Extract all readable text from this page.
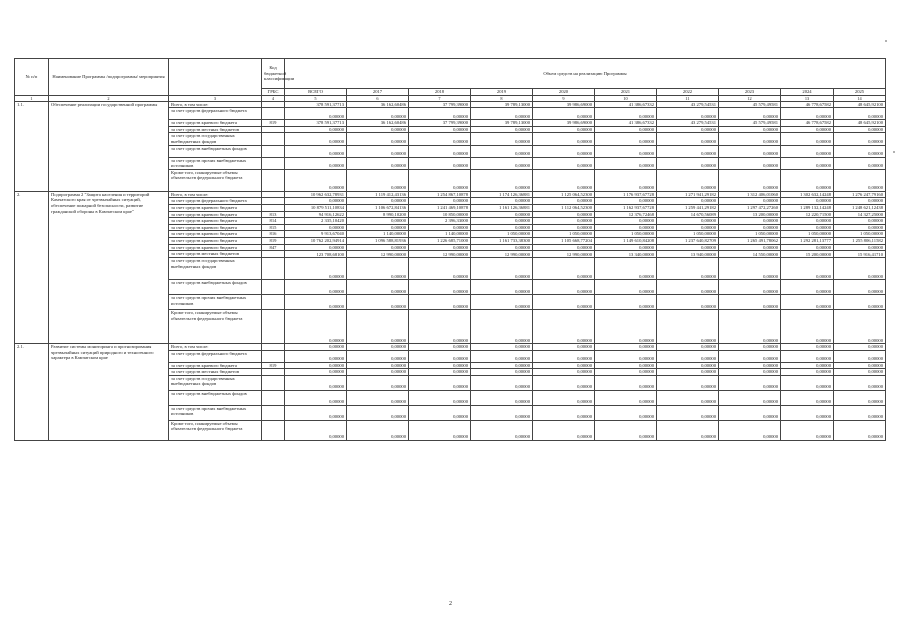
№ п/п	Наименование Программы /подпрограммы/ мероприятия		Код бюджетной классификации	Объем средств на реализацию Программы									
			ГРБС	ВСЕГО	2017	2018	2019	2020	2021	2022	2023	2024	2025
1	2	3	4	5	6	7	8	9	10	11	12	13	14
1.1.	Обеспечение реализации государственной программы	Всего, в том числе:		378 591,37713	36 162,60486	37 799,39000	39 789,13000	39 986,69000	41 386,67332	43 279,54531	45 579,49581	46 778,67582	48 645,92100
		за счет средств федерального бюджета		0,00000	0,00000	0,00000	0,00000	0,00000	0,00000	0,00000	0,00000	0,00000	0,00000
		за счет средств краевого бюджета	819	378 591,37713	36 162,60486	37 799,39000	39 789,13000	39 986,69000	41 386,67332	43 279,54531	45 579,49581	46 778,67582	48 645,92100
		за счет средств местных бюджетов		0,00000	0,00000	0,00000	0,00000	0,00000	0,00000	0,00000	0,00000	0,00000	0,00000
		за счет средств государственных внебюджетных фондов		0,00000	0,00000	0,00000	0,00000	0,00000	0,00000	0,00000	0,00000	0,00000	0,00000
		за счет средств внебюджетных фондов		0,00000	0,00000	0,00000	0,00000	0,00000	0,00000	0,00000	0,00000	0,00000	0,00000
		за счет средств прочих внебюджетных источников		0,00000	0,00000	0,00000	0,00000	0,00000	0,00000	0,00000	0,00000	0,00000	0,00000
		Кроме того, планируемые объемы обязательств федерального бюджета		0,00000	0,00000	0,00000	0,00000	0,00000	0,00000	0,00000	0,00000	0,00000	0,00000
2.	Подпрограмма 2 "Защита населения и территорий Камчатского края от чрезвычайных ситуаций, обеспечение пожарной безопасности, развитие гражданской обороны в Камчатском крае"	Всего, в том числе:		10 962 632,78931	1 119 412,43136	1 254 867,10878	1 174 126,36881	1 125 064,52300	1 176 937,67728	1 271 941,29182	1 312 406,01060	1 302 632,14248	1 276 247,79160
		за счет средств федерального бюджета		0,00000	0,00000	0,00000	0,00000	0,00000	0,00000	0,00000	0,00000	0,00000	0,00000
		за счет средств краевого бюджета		10 879 511,10834	1 106 672,84136	1 241 469,10878	1 161 126,36881	1 112 064,52300	1 162 937,67728	1 259 441,29182	1 297 472,27260	1 289 132,14248	1 248 621,12438
		за счет средств краевого бюджета	813	94 916,12622	8 990,10200	10 850,00000	0,00000	0,00000	12 376,72468	14 670,56089	13 200,00000	12 220,71500	14 327,25000
		за счет средств краевого бюджета	814	2 335,10420	0,00000	2 396,33000	0,00000	0,00000	0,00000	0,00000	0,00000	0,00000	0,00000
		за счет средств краевого бюджета	815	0,00000	0,00000	0,00000	0,00000	0,00000	0,00000	0,00000	0,00000	0,00000	0,00000
		за счет средств краевого бюджета	816	9 913,67040	1 140,00000	1 140,00000	1 050,00000	1 050,00000	1 050,00000	1 050,00000	1 050,00000	1 050,00000	1 050,00000
		за счет средств краевого бюджета	819	10 762 202,94914	1 096 588,81936	1 226 685,71000	1 161 733,38300	1 105 668,77204	1 149 610,84208	1 237 640,82709	1 265 491,78062	1 292 281,13777	1 255 806,11582
		за счет средств краевого бюджета	847	0,00000	0,00000	0,00000	0,00000	0,00000	0,00000	0,00000	0,00000	0,00000	0,00000
		за счет средств местных бюджетов		123 708,68100	12 990,00000	12 990,00000	12 990,00000	12 990,00000	13 340,00000	13 940,00000	14 550,00000	15 200,00000	15 916,41710
		за счет средств государственных внебюджетных фондов		0,00000	0,00000	0,00000	0,00000	0,00000	0,00000	0,00000	0,00000	0,00000	0,00000
		за счет средств внебюджетных фондов		0,00000	0,00000	0,00000	0,00000	0,00000	0,00000	0,00000	0,00000	0,00000	0,00000
		за счет средств прочих внебюджетных источников		0,00000	0,00000	0,00000	0,00000	0,00000	0,00000	0,00000	0,00000	0,00000	0,00000
		Кроме того, планируемые объемы обязательств федерального бюджета		0,00000	0,00000	0,00000	0,00000	0,00000	0,00000	0,00000	0,00000	0,00000	0,00000
2.1.	Развитие системы мониторинга и прогнозирования чрезвычайных ситуаций природного и техногенного характера в Камчатском крае	Всего, в том числе:		0,00000	0,00000	0,00000	0,00000	0,00000	0,00000	0,00000	0,00000	0,00000	0,00000
		за счет средств федерального бюджета		0,00000	0,00000	0,00000	0,00000	0,00000	0,00000	0,00000	0,00000	0,00000	0,00000
		за счет средств краевого бюджета	819	0,00000	0,00000	0,00000	0,00000	0,00000	0,00000	0,00000	0,00000	0,00000	0,00000
		за счет средств местных бюджетов		0,00000	0,00000	0,00000	0,00000	0,00000	0,00000	0,00000	0,00000	0,00000	0,00000
		за счет средств государственных внебюджетных фондов		0,00000	0,00000	0,00000	0,00000	0,00000	0,00000	0,00000	0,00000	0,00000	0,00000
		за счет средств внебюджетных фондов		0,00000	0,00000	0,00000	0,00000	0,00000	0,00000	0,00000	0,00000	0,00000	0,00000
		за счет средств прочих внебюджетных источников		0,00000	0,00000	0,00000	0,00000	0,00000	0,00000	0,00000	0,00000	0,00000	0,00000
		Кроме того, планируемые объемы обязательств федерального бюджета		0,00000	0,00000	0,00000	0,00000	0,00000	0,00000	0,00000	0,00000	0,00000	0,00000
2
